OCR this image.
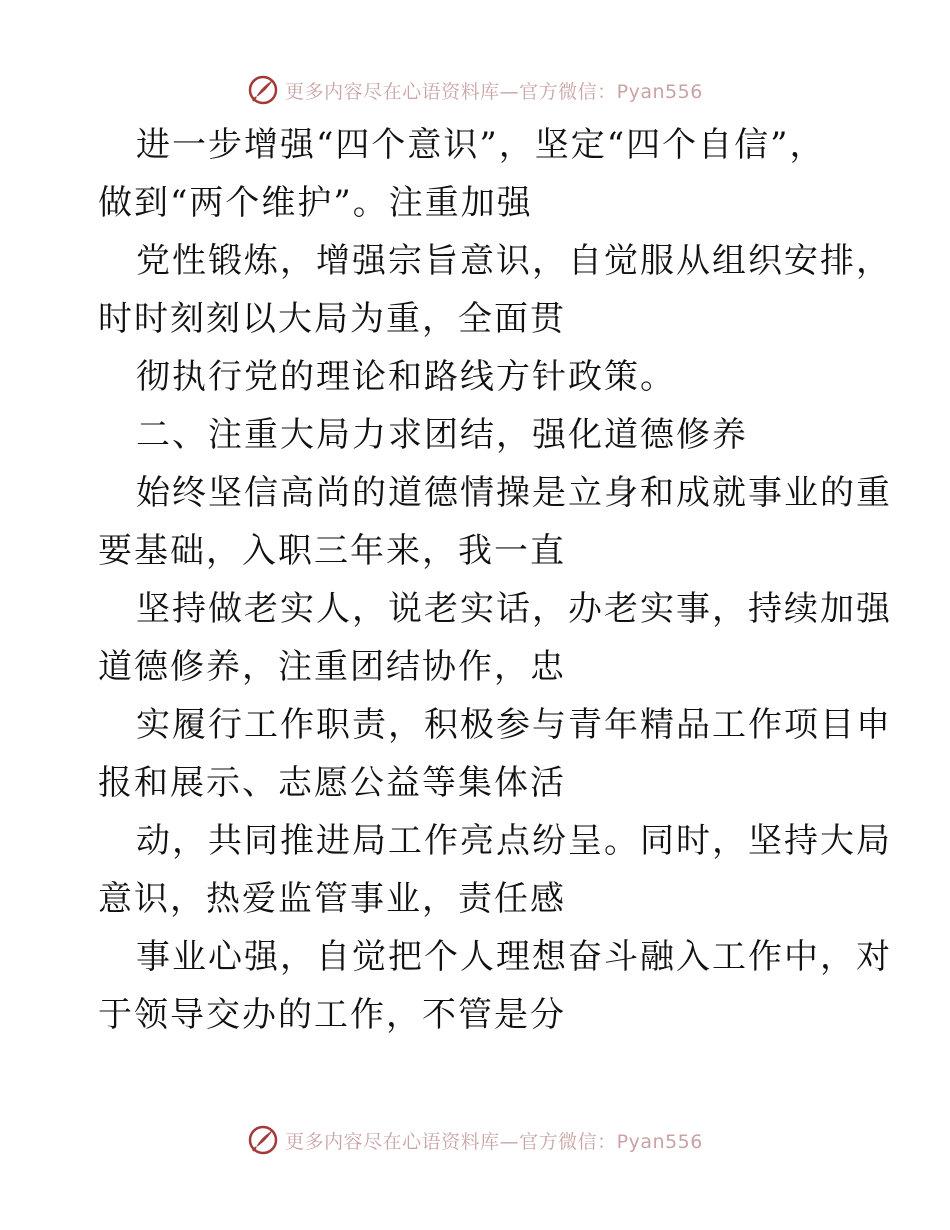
更多内容尽在心语资料库—官方微信：Pyan556
进一步增强“四个意识”，坚定“四个自信”，
做到“两个维护”。注重加强
党性锻炼，增强宗旨意识，自觉服从组织安排，
时时刻刻以大局为重，全面贯
彻执行党的理论和路线方针政策。
二、注重大局力求团结，强化道德修养
始终坚信高尚的道德情操是立身和成就事业的重
要基础，入职三年来，我一直
坚持做老实人，说老实话，办老实事，持续加强
道德修养，注重团结协作，忠
实履行工作职责，积极参与青年精品工作项目申
报和展示、志愿公益等集体活
动，共同推进局工作亮点纷呈。同时，坚持大局
意识，热爱监管事业，责任感
事业心强，自觉把个人理想奋斗融入工作中，对
于领导交办的工作，不管是分
更多内容尽在心语资料库—官方微信：Pyan556
